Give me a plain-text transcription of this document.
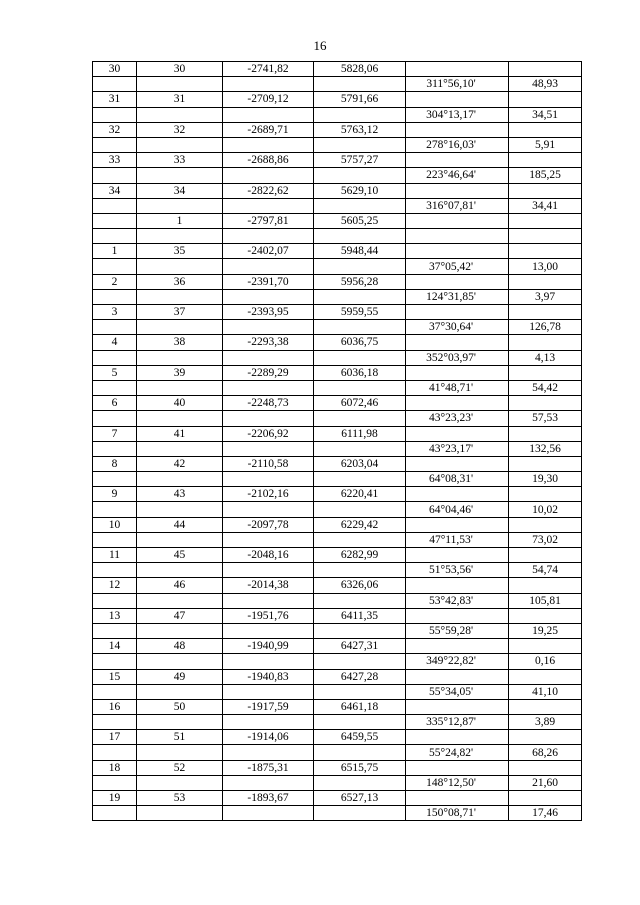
16
30	30	-2741,82	5828,06		
				311°56,10'	48,93
31	31	-2709,12	5791,66		
				304°13,17'	34,51
32	32	-2689,71	5763,12		
				278°16,03'	5,91
33	33	-2688,86	5757,27		
				223°46,64'	185,25
34	34	-2822,62	5629,10		
				316°07,81'	34,41
	1	-2797,81	5605,25		

1	35	-2402,07	5948,44		
				37°05,42'	13,00
2	36	-2391,70	5956,28		
				124°31,85'	3,97
3	37	-2393,95	5959,55		
				37°30,64'	126,78
4	38	-2293,38	6036,75		
				352°03,97'	4,13
5	39	-2289,29	6036,18		
				41°48,71'	54,42
6	40	-2248,73	6072,46		
				43°23,23'	57,53
7	41	-2206,92	6111,98		
				43°23,17'	132,56
8	42	-2110,58	6203,04		
				64°08,31'	19,30
9	43	-2102,16	6220,41		
				64°04,46'	10,02
10	44	-2097,78	6229,42		
				47°11,53'	73,02
11	45	-2048,16	6282,99		
				51°53,56'	54,74
12	46	-2014,38	6326,06		
				53°42,83'	105,81
13	47	-1951,76	6411,35		
				55°59,28'	19,25
14	48	-1940,99	6427,31		
				349°22,82'	0,16
15	49	-1940,83	6427,28		
				55°34,05'	41,10
16	50	-1917,59	6461,18		
				335°12,87'	3,89
17	51	-1914,06	6459,55		
				55°24,82'	68,26
18	52	-1875,31	6515,75		
				148°12,50'	21,60
19	53	-1893,67	6527,13		
				150°08,71'	17,46
